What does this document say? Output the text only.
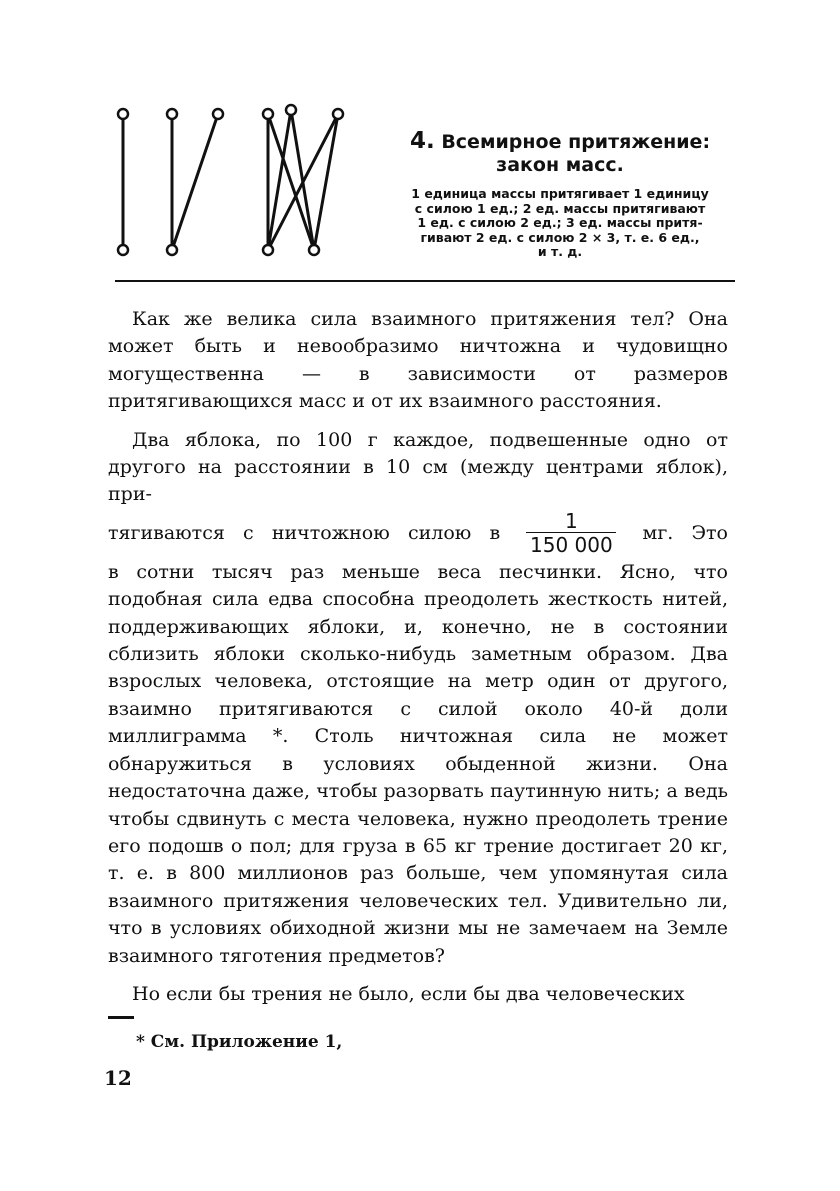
4. Всемирное притяжение: закон масс.

1 единица массы притягивает 1 единицу
с силою 1 ед.; 2 ед. массы притягивают
1 ед. с силою 2 ед.; 3 ед. массы притя-
гивают 2 ед. с силою 2 × 3, т. е. 6 ед.,
и т. д.

Как же велика сила взаимного притяжения тел? Она может быть и невообразимо ничтожна и чудовищно могущественна — в зависимости от размеров притягивающихся масс и от их взаимного расстояния.

Два яблока, по 100 г каждое, подвешенные одно от другого на расстоянии в 10 см (между центрами яблок), при-

тягиваются с ничтожною силою в $\frac{1}{150 000}$ мг. Это

в сотни тысяч раз меньше веса песчинки. Ясно, что подобная сила едва способна преодолеть жесткость нитей, поддерживающих яблоки, и, конечно, не в состоянии сблизить яблоки сколько-нибудь заметным образом. Два взрослых человека, отстоящие на метр один от другого, взаимно притягиваются с силой около 40-й доли миллиграмма *. Столь ничтожная сила не может обнаружиться в условиях обыденной жизни. Она недостаточна даже, чтобы разорвать паутинную нить; а ведь чтобы сдвинуть с места человека, нужно преодолеть трение его подошв о пол; для груза в 65 кг трение достигает 20 кг, т. е. в 800 миллионов раз больше, чем упомянутая сила взаимного притяжения человеческих тел. Удивительно ли, что в условиях обиходной жизни мы не замечаем на Земле взаимного тяготения предметов?

Но если бы трения не было, если бы два человеческих

* См. Приложение 1,
12
